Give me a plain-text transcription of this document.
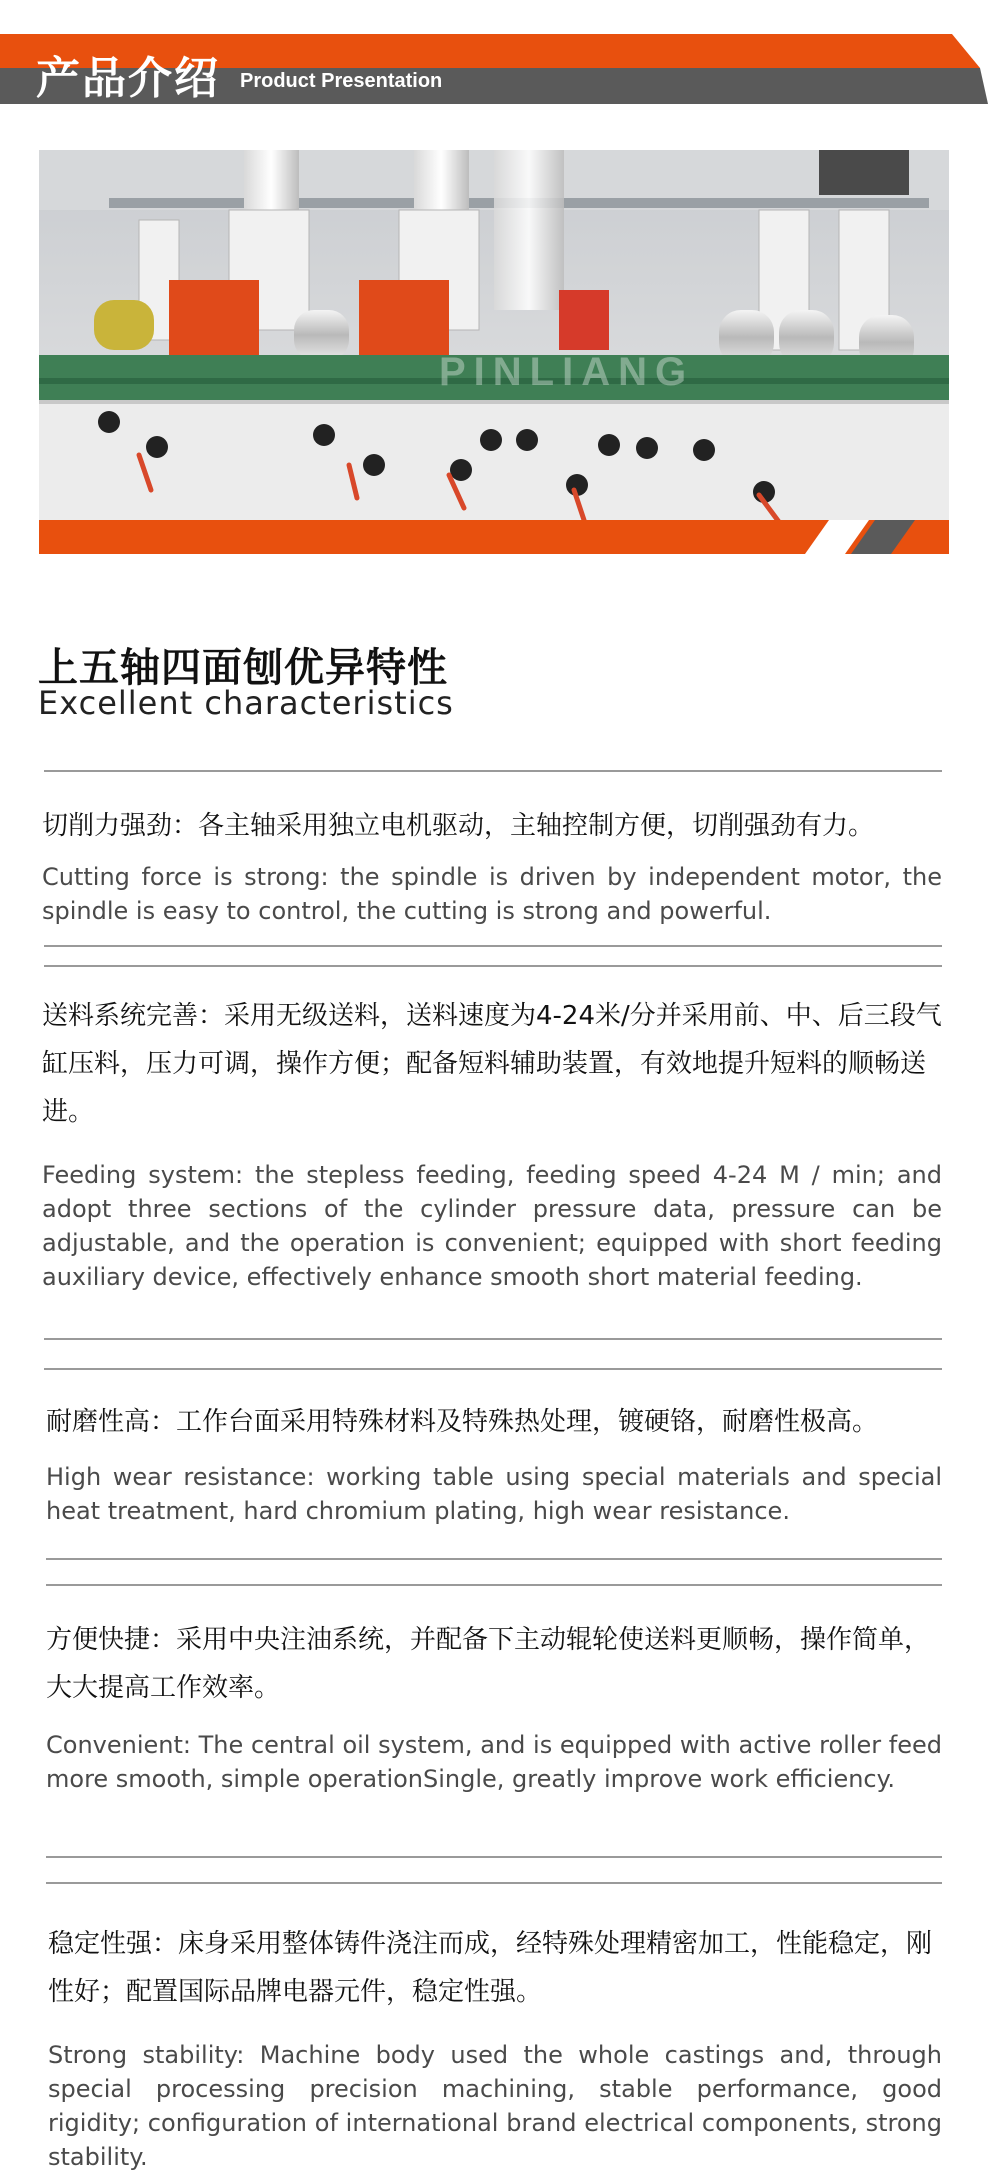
产品介绍 Product Presentation
PINLIANG
上五轴四面刨优异特性
Excellent characteristics
切削力强劲：各主轴采用独立电机驱动，主轴控制方便，切削强劲有力。
Cutting force is strong: the spindle is driven by independent motor, the spindle is easy to control, the cutting is strong and powerful.
送料系统完善：采用无级送料，送料速度为4-24米/分并采用前、中、后三段气缸压料，压力可调，操作方便；配备短料辅助装置，有效地提升短料的顺畅送进。
Feeding system: the stepless feeding, feeding speed 4-24 M / min; and adopt three sections of the cylinder pressure data, pressure can be adjustable, and the operation is convenient; equipped with short feeding auxiliary device, effectively enhance smooth short material feeding.
耐磨性高：工作台面采用特殊材料及特殊热处理，镀硬铬，耐磨性极高。
High wear resistance: working table using special materials and special heat treatment, hard chromium plating, high wear resistance.
方便快捷：采用中央注油系统，并配备下主动辊轮使送料更顺畅，操作简单，大大提高工作效率。
Convenient: The central oil system, and is equipped with active roller feed more smooth, simple operationSingle, greatly improve work efficiency.
稳定性强：床身采用整体铸件浇注而成，经特殊处理精密加工，性能稳定，刚性好；配置国际品牌电器元件，稳定性强。
Strong stability: Machine body used the whole castings and, through special processing precision machining, stable performance, good rigidity; configuration of international brand electrical components, strong stability.
